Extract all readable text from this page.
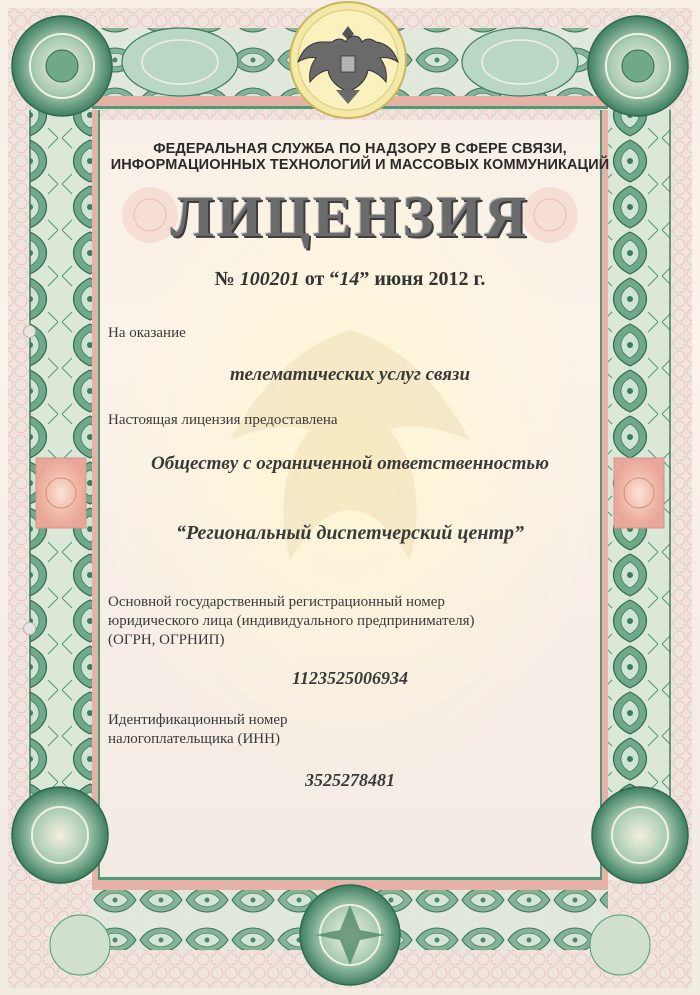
ФЕДЕРАЛЬНАЯ СЛУЖБА ПО НАДЗОРУ В СФЕРЕ СВЯЗИ,
ИНФОРМАЦИОННЫХ ТЕХНОЛОГИЙ И МАССОВЫХ КОММУНИКАЦИЙ
ЛИЦЕНЗИЯ
№ 100201 от “14” июня 2012 г.
На оказание
телематических услуг связи
Настоящая лицензия предоставлена
Обществу с ограниченной ответственностью
“Региональный диспетчерский центр”
Основной государственный регистрационный номер
юридического лица (индивидуального предпринимателя)
(ОГРН, ОГРНИП)
1123525006934
Идентификационный номер
налогоплательщика (ИНН)
3525278481
